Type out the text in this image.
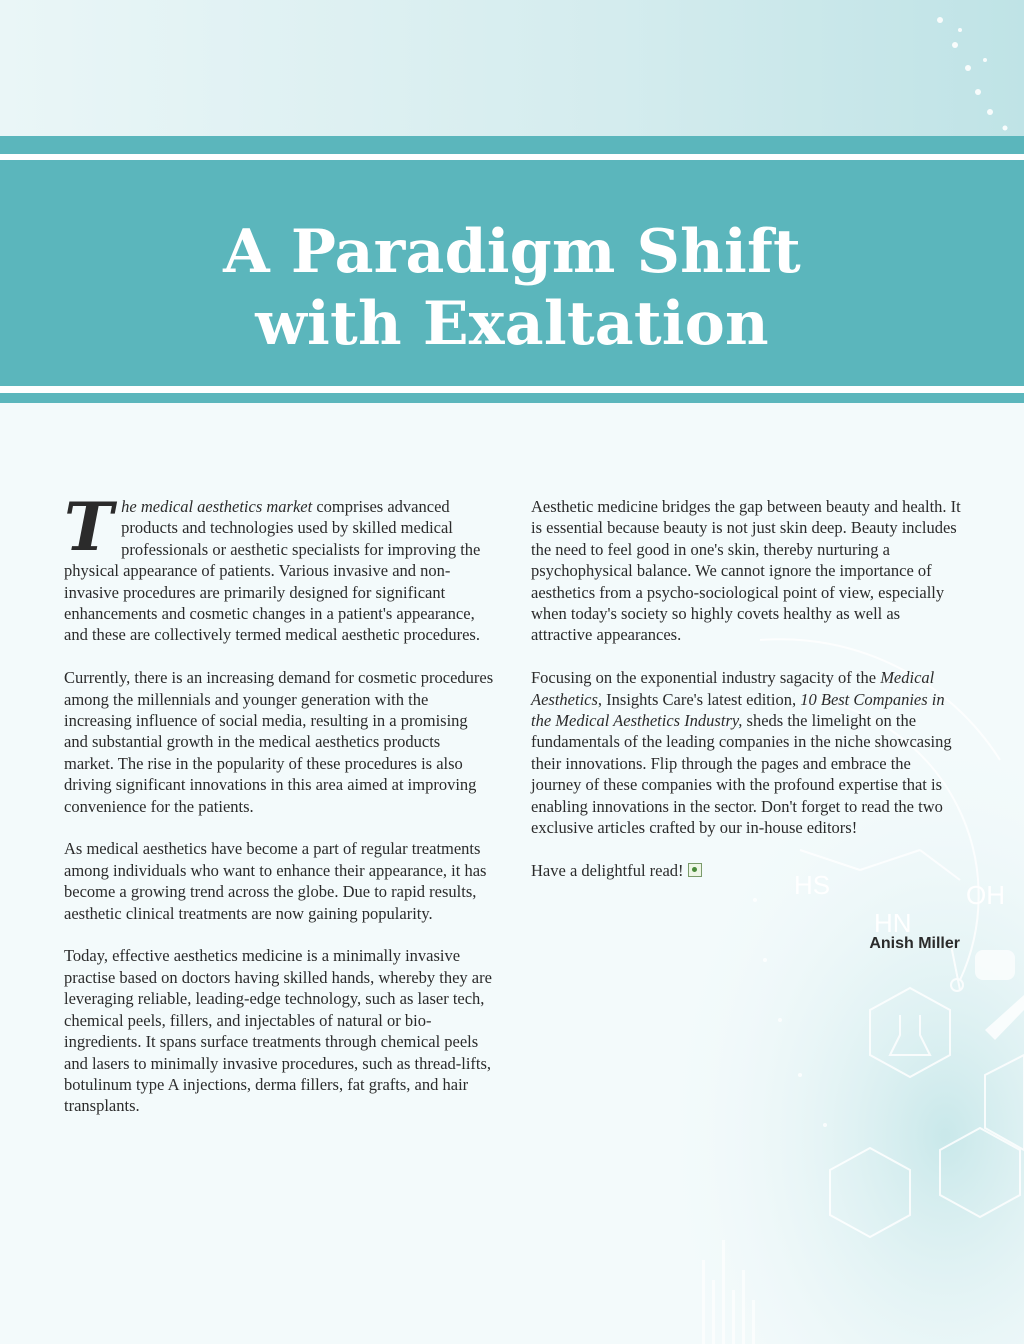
HS	OH
HN
A Paradigm Shift
with Exaltation

The medical aesthetics market comprises advanced products and technologies used by skilled medical professionals or aesthetic specialists for improving the physical appearance of patients. Various invasive and non-invasive procedures are primarily designed for significant enhancements and cosmetic changes in a patient's appearance, and these are collectively termed medical aesthetic procedures.

Currently, there is an increasing demand for cosmetic procedures among the millennials and younger generation with the increasing influence of social media, resulting in a promising and substantial growth in the medical aesthetics products market. The rise in the popularity of these procedures is also driving significant innovations in this area aimed at improving convenience for the patients.

As medical aesthetics have become a part of regular treatments among individuals who want to enhance their appearance, it has become a growing trend across the globe. Due to rapid results, aesthetic clinical treatments are now gaining popularity.

Today, effective aesthetics medicine is a minimally invasive practise based on doctors having skilled hands, whereby they are leveraging reliable, leading-edge technology, such as laser tech, chemical peels, fillers, and injectables of natural or bio-ingredients. It spans surface treatments through chemical peels and lasers to minimally invasive procedures, such as thread-lifts, botulinum type A injections, derma fillers, fat grafts, and hair transplants.

Aesthetic medicine bridges the gap between beauty and health. It is essential because beauty is not just skin deep. Beauty includes the need to feel good in one's skin, thereby nurturing a psychophysical balance. We cannot ignore the importance of aesthetics from a psycho-sociological point of view, especially when today's society so highly covets healthy as well as attractive appearances.

Focusing on the exponential industry sagacity of the Medical Aesthetics, Insights Care's latest edition, 10 Best Companies in the Medical Aesthetics Industry, sheds the limelight on the fundamentals of the leading companies in the niche showcasing their innovations. Flip through the pages and embrace the journey of these companies with the profound expertise that is enabling innovations in the sector. Don't forget to read the two exclusive articles crafted by our in-house editors!

Have a delightful read!

Anish Miller
